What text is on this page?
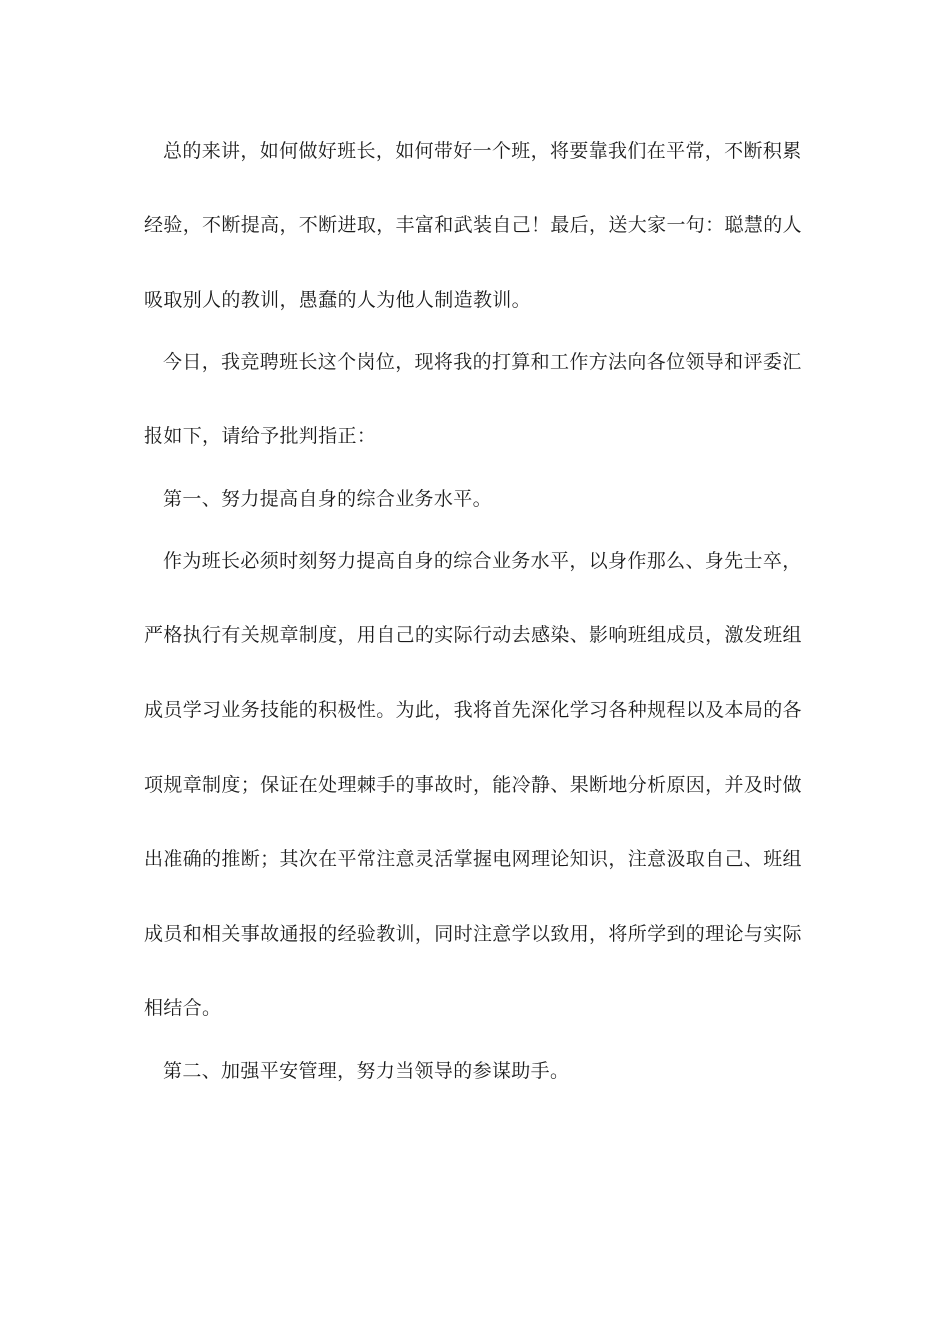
总的来讲，如何做好班长，如何带好一个班，将要靠我们在平常，不断积累
经验，不断提高，不断进取，丰富和武装自己！最后，送大家一句：聪慧的人
吸取别人的教训，愚蠢的人为他人制造教训。
今日，我竞聘班长这个岗位，现将我的打算和工作方法向各位领导和评委汇
报如下，请给予批判指正：
第一、努力提高自身的综合业务水平。
作为班长必须时刻努力提高自身的综合业务水平，以身作那么、身先士卒，
严格执行有关规章制度，用自己的实际行动去感染、影响班组成员，激发班组
成员学习业务技能的积极性。为此，我将首先深化学习各种规程以及本局的各
项规章制度；保证在处理棘手的事故时，能冷静、果断地分析原因，并及时做
出准确的推断；其次在平常注意灵活掌握电网理论知识，注意汲取自己、班组
成员和相关事故通报的经验教训，同时注意学以致用，将所学到的理论与实际
相结合。
第二、加强平安管理，努力当领导的参谋助手。
